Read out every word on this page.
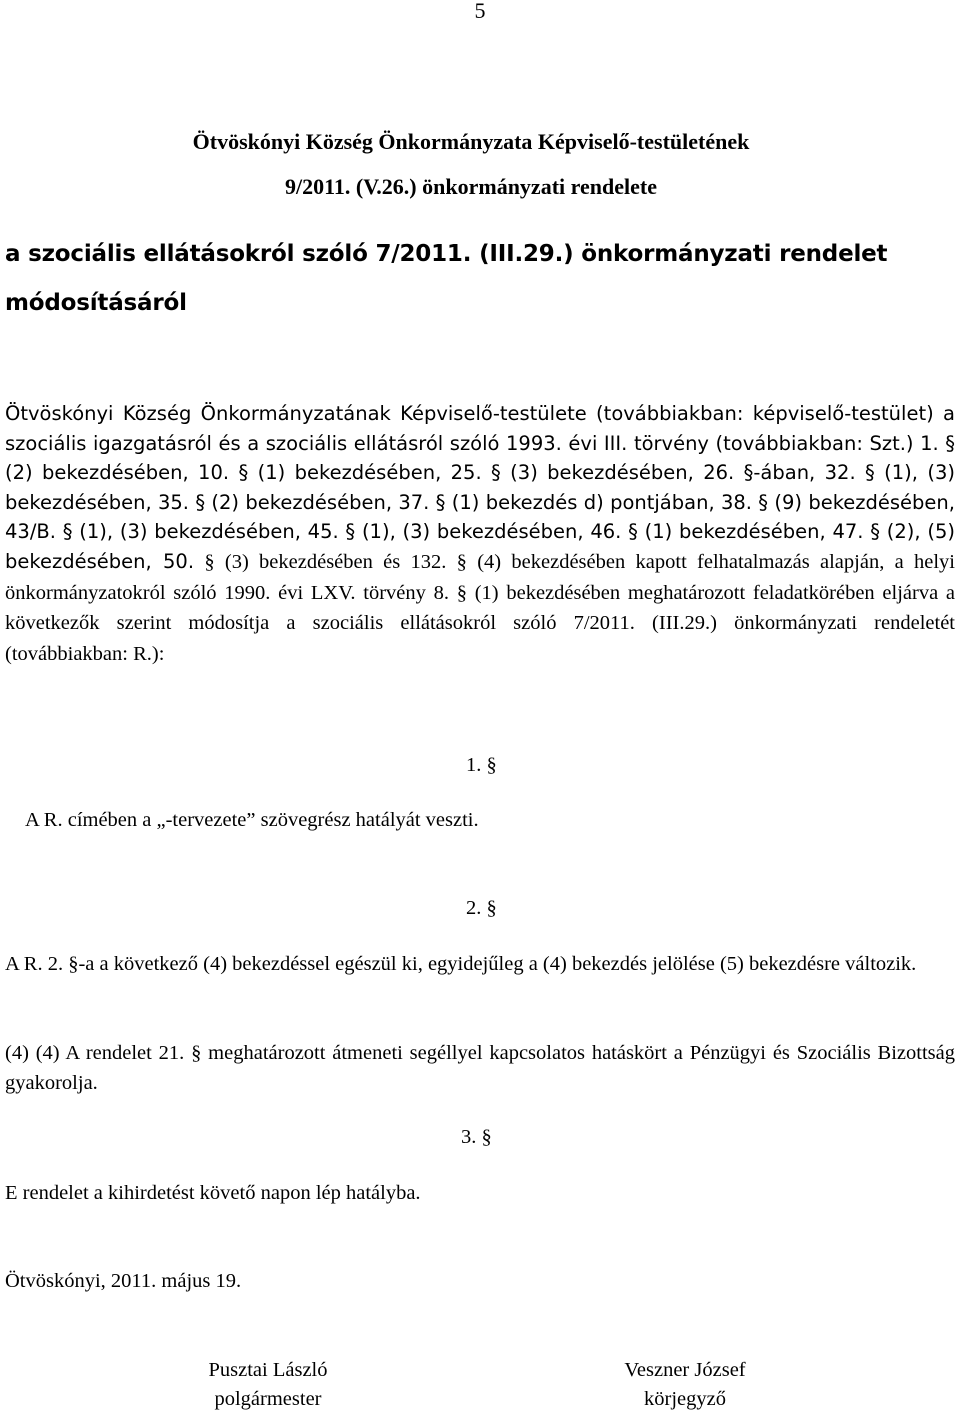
5
Ötvöskónyi Község Önkormányzata Képviselő-testületének
9/2011. (V.26.) önkormányzati rendelete
a szociális ellátásokról szóló 7/2011. (III.29.) önkormányzati rendelet
módosításáról
Ötvöskónyi Község Önkormányzatának Képviselő-testülete (továbbiakban: képviselő-testület) a szociális igazgatásról és a szociális ellátásról szóló 1993. évi III. törvény (továbbiakban: Szt.) 1. § (2) bekezdésében, 10. § (1) bekezdésében, 25. § (3) bekezdésében, 26. §-ában, 32. § (1), (3) bekezdésében, 35. § (2) bekezdésében, 37. § (1) bekezdés d) pontjában, 38. § (9) bekezdésében, 43/B. § (1), (3) bekezdésében, 45. § (1), (3) bekezdésében, 46. § (1) bekezdésében, 47. § (2), (5) bekezdésében, 50. § (3) bekezdésében és 132. § (4) bekezdésében kapott felhatalmazás alapján, a helyi önkormányzatokról szóló 1990. évi LXV. törvény 8. § (1) bekezdésében meghatározott feladatkörében eljárva a következők szerint módosítja a szociális ellátásokról szóló 7/2011. (III.29.) önkormányzati rendeletét (továbbiakban: R.):
1. §
A R. címében a „-tervezete” szövegrész hatályát veszti.
2. §
A R. 2. §-a a következő (4) bekezdéssel egészül ki, egyidejűleg a (4) bekezdés jelölése (5) bekezdésre változik.
(4) (4) A rendelet 21. § meghatározott átmeneti segéllyel kapcsolatos hatáskört a Pénzügyi és Szociális Bizottság gyakorolja.
3. §
E rendelet a kihirdetést követő napon lép hatályba.
Ötvöskónyi, 2011. május 19.
Pusztai László
polgármester
Veszner József
körjegyző
